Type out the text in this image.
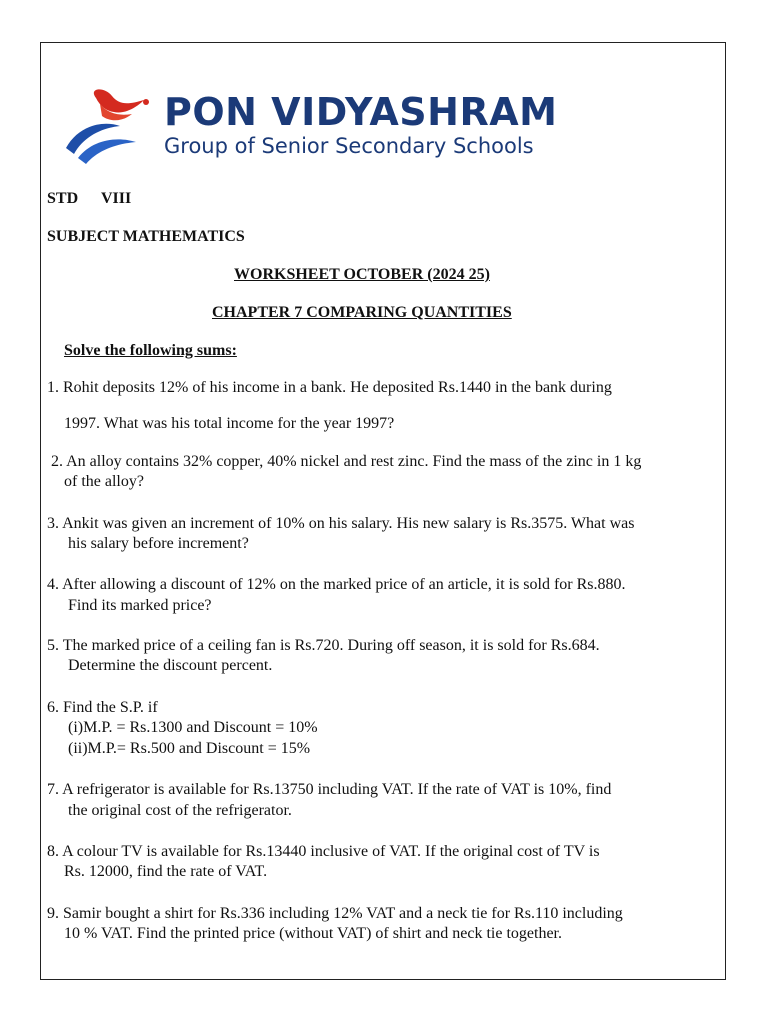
PON VIDYASHRAM
Group of Senior Secondary Schools
STD VIII
SUBJECT MATHEMATICS
WORKSHEET OCTOBER (2024 25)
CHAPTER 7 COMPARING QUANTITIES
Solve the following sums:
1. Rohit deposits 12% of his income in a bank. He deposited Rs.1440 in the bank during
1997. What was his total income for the year 1997?
2. An alloy contains 32% copper, 40% nickel and rest zinc. Find the mass of the zinc in 1 kg
of the alloy?
3. Ankit was given an increment of 10% on his salary. His new salary is Rs.3575. What was
his salary before increment?
4. After allowing a discount of 12% on the marked price of an article, it is sold for Rs.880.
Find its marked price?
5. The marked price of a ceiling fan is Rs.720. During off season, it is sold for Rs.684.
Determine the discount percent.
6. Find the S.P. if
(i)M.P. = Rs.1300 and Discount = 10%
(ii)M.P.= Rs.500 and Discount = 15%
7. A refrigerator is available for Rs.13750 including VAT. If the rate of VAT is 10%, find
the original cost of the refrigerator.
8. A colour TV is available for Rs.13440 inclusive of VAT. If the original cost of TV is
Rs. 12000, find the rate of VAT.
9. Samir bought a shirt for Rs.336 including 12% VAT and a neck tie for Rs.110 including
10 % VAT. Find the printed price (without VAT) of shirt and neck tie together.
